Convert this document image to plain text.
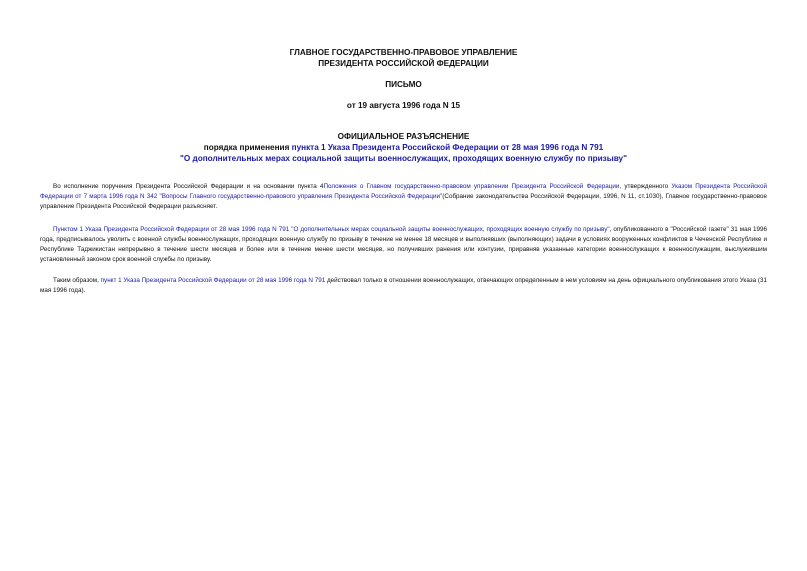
ГЛАВНОЕ ГОСУДАРСТВЕННО-ПРАВОВОЕ УПРАВЛЕНИЕ
ПРЕЗИДЕНТА РОССИЙСКОЙ ФЕДЕРАЦИИ
ПИСЬМО
от 19 августа 1996 года N 15
ОФИЦИАЛЬНОЕ РАЗЪЯСНЕНИЕ
порядка применения пункта 1 Указа Президента Российской Федерации от 28 мая 1996 года N 791
"О дополнительных мерах социальной защиты военнослужащих, проходящих военную службу по призыву"
Во исполнение поручения Президента Российской Федерации и на основании пункта 4Положения о Главном государственно-правовом управлении Президента Российской Федерации, утвержденного Указом Президента Российской Федерации от 7 марта 1996 года N 342 "Вопросы Главного государственно-правового управления Президента Российской Федерации"(Собрание законодательства Российской Федерации, 1996, N 11, ст.1030), Главное государственно-правовое управление Президента Российской Федерации разъясняет.
Пунктом 1 Указа Президента Российской Федерации от 28 мая 1996 года N 791 "О дополнительных мерах социальной защиты военнослужащих, проходящих военную службу по призыву", опубликованного в "Российской газете" 31 мая 1996 года, предписывалось уволить с военной службы военнослужащих, проходящих военную службу по призыву в течение не менее 18 месяцев и выполнявших (выполняющих) задачи в условиях вооруженных конфликтов в Чеченской Республике и Республике Таджикистан непрерывно в течение шести месяцев и более или в течение менее шести месяцев, но получивших ранения или контузии, приравняв указанные категории военнослужащих к военнослужащим, выслужившим установленный законом срок военной службы по призыву.
Таким образом, пункт 1 Указа Президента Российской Федерации от 28 мая 1996 года N 791 действовал только в отношении военнослужащих, отвечающих определенным в нем условиям на день официального опубликования этого Указа (31 мая 1996 года).
